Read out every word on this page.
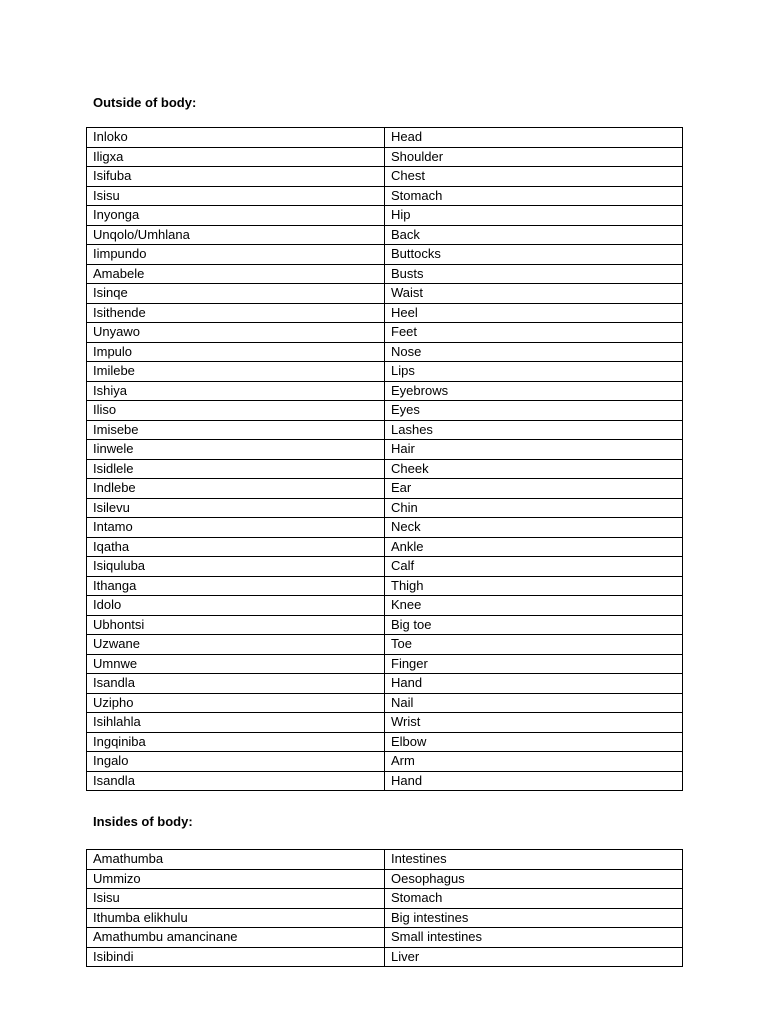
Outside of body:
Inloko	Head
Iligxa	Shoulder
Isifuba	Chest
Isisu	Stomach
Inyonga	Hip
Unqolo/Umhlana	Back
Iimpundo	Buttocks
Amabele	Busts
Isinqe	Waist
Isithende	Heel
Unyawo	Feet
Impulo	Nose
Imilebe	Lips
Ishiya	Eyebrows
Iliso	Eyes
Imisebe	Lashes
Iinwele	Hair
Isidlele	Cheek
Indlebe	Ear
Isilevu	Chin
Intamo	Neck
Iqatha	Ankle
Isiquluba	Calf
Ithanga	Thigh
Idolo	Knee
Ubhontsi	Big toe
Uzwane	Toe
Umnwe	Finger
Isandla	Hand
Uzipho	Nail
Isihlahla	Wrist
Ingqiniba	Elbow
Ingalo	Arm
Isandla	Hand
Insides of body:
Amathumba	Intestines
Ummizo	Oesophagus
Isisu	Stomach
Ithumba elikhulu	Big intestines
Amathumbu amancinane	Small intestines
Isibindi	Liver
